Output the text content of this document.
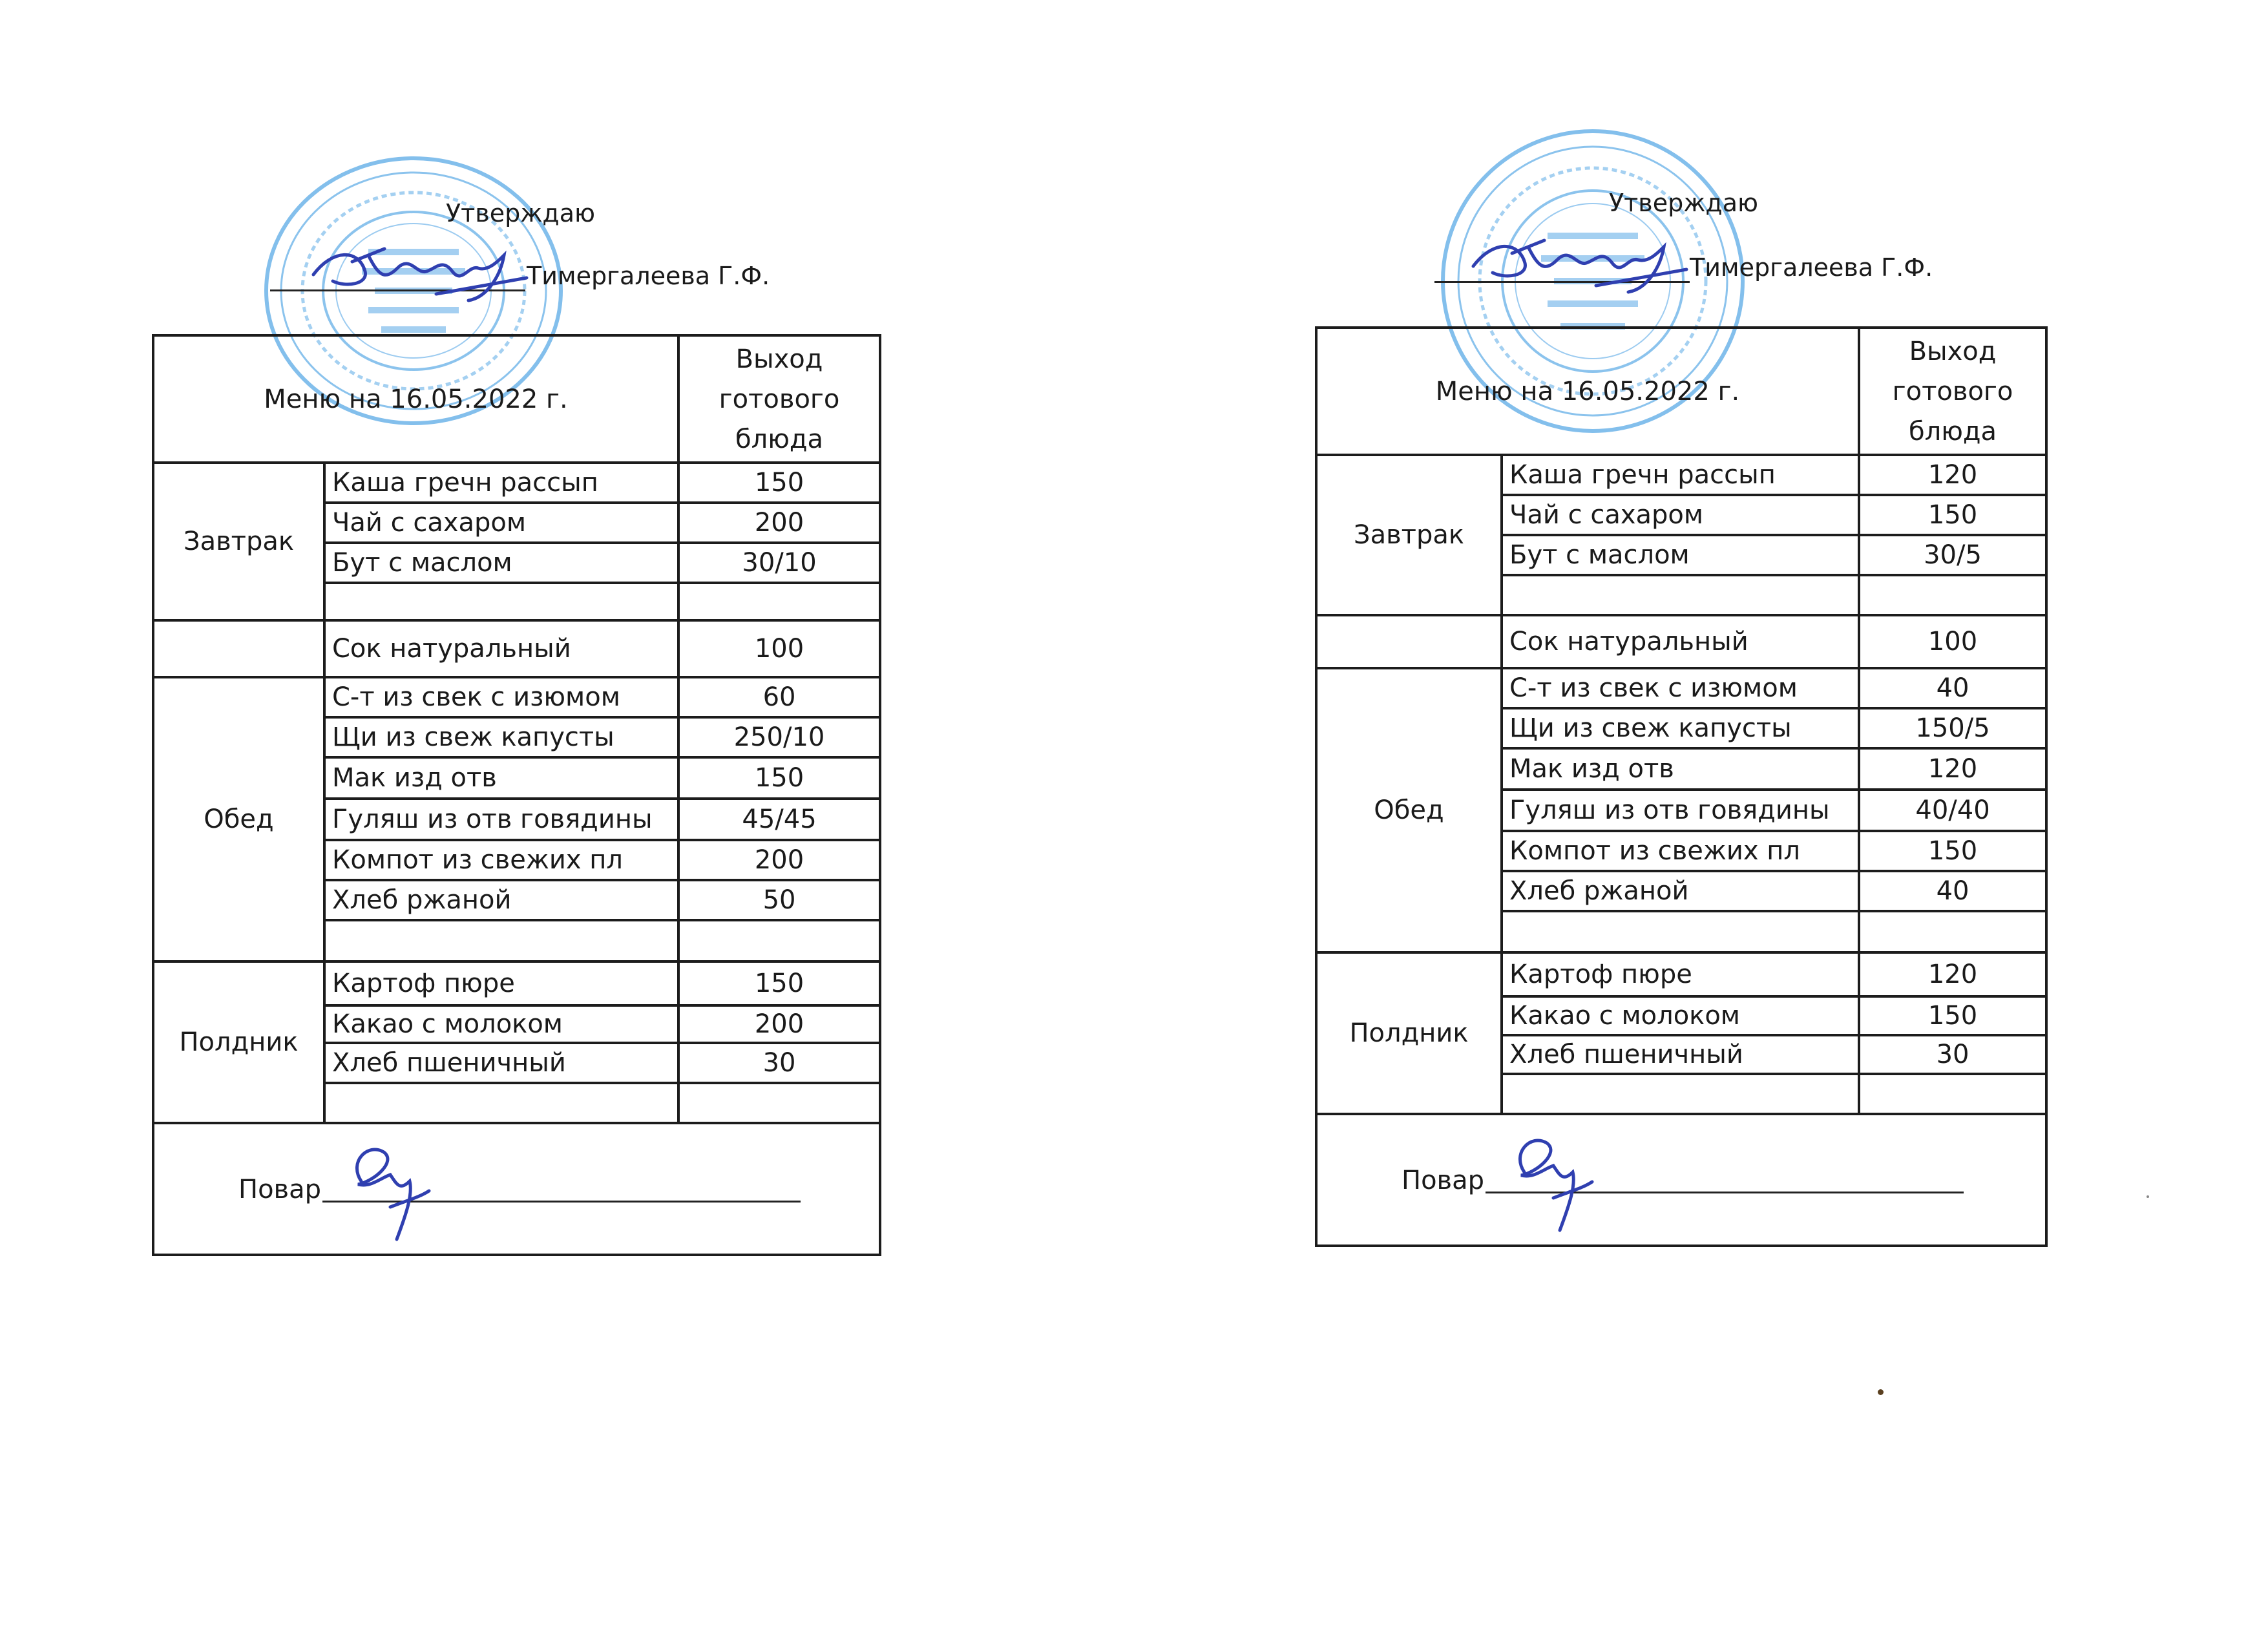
Утверждаю
Тимергалеева Г.Ф.
Меню на 16.05.2022 г.		Выход
готового
блюда
Завтрак	Каша гречн рассып	150
	Чай с сахаром	200
	Бут с маслом	30/10

	Сок натуральный	100
Обед	С-т из свек с изюмом	60
	Щи из свеж капусты	250/10
	Мак изд отв	150
	Гуляш из отв говядины	45/45
	Компот из свежих пл	200
	Хлеб ржаной	50

Полдник	Картоф пюре	150
	Какао с молоком	200
	Хлеб пшеничный	30

Повар		
Утверждаю
Тимергалеева Г.Ф.
Меню на 16.05.2022 г.		Выход
готового
блюда
Завтрак	Каша гречн рассып	120
	Чай с сахаром	150
	Бут с маслом	30/5

	Сок натуральный	100
Обед	С-т из свек с изюмом	40
	Щи из свеж капусты	150/5
	Мак изд отв	120
	Гуляш из отв говядины	40/40
	Компот из свежих пл	150
	Хлеб ржаной	40

Полдник	Картоф пюре	120
	Какао с молоком	150
	Хлеб пшеничный	30

Повар		
